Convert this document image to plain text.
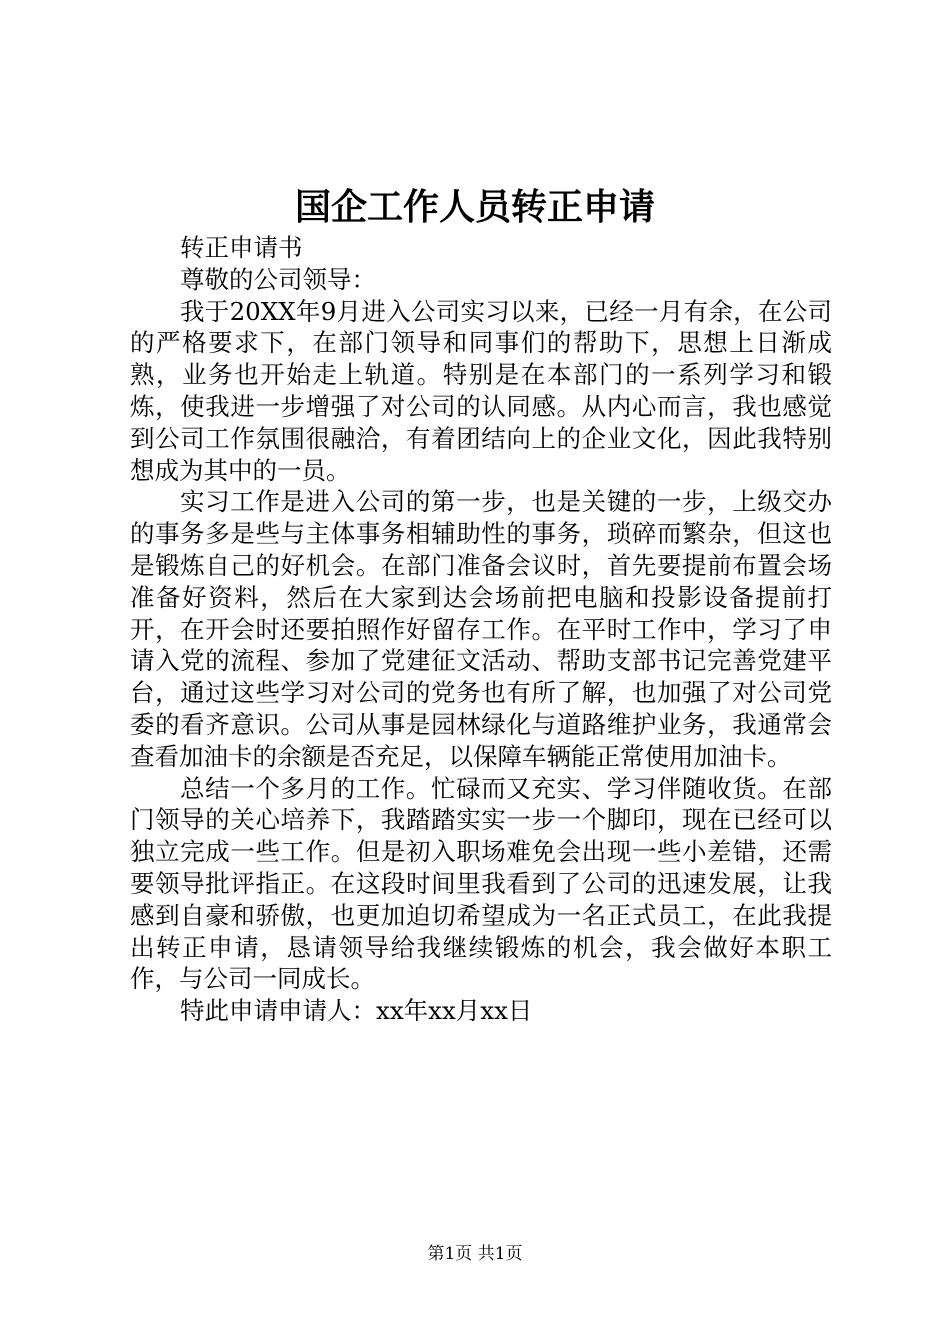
国企工作人员转正申请

转正申请书

尊敬的公司领导：

我于20XX年9月进入公司实习以来，已经一月有余，在公司的严格要求下，在部门领导和同事们的帮助下，思想上日渐成熟，业务也开始走上轨道。特别是在本部门的一系列学习和锻炼，使我进一步增强了对公司的认同感。从内心而言，我也感觉到公司工作氛围很融洽，有着团结向上的企业文化，因此我特别想成为其中的一员。

实习工作是进入公司的第一步，也是关键的一步，上级交办的事务多是些与主体事务相辅助性的事务，琐碎而繁杂，但这也是锻炼自己的好机会。在部门准备会议时，首先要提前布置会场准备好资料，然后在大家到达会场前把电脑和投影设备提前打开，在开会时还要拍照作好留存工作。在平时工作中，学习了申请入党的流程、参加了党建征文活动、帮助支部书记完善党建平台，通过这些学习对公司的党务也有所了解，也加强了对公司党委的看齐意识。公司从事是园林绿化与道路维护业务，我通常会查看加油卡的余额是否充足，以保障车辆能正常使用加油卡。

总结一个多月的工作。忙碌而又充实、学习伴随收货。在部门领导的关心培养下，我踏踏实实一步一个脚印，现在已经可以独立完成一些工作。但是初入职场难免会出现一些小差错，还需要领导批评指正。在这段时间里我看到了公司的迅速发展，让我感到自豪和骄傲，也更加迫切希望成为一名正式员工，在此我提出转正申请，恳请领导给我继续锻炼的机会，我会做好本职工作，与公司一同成长。

特此申请申请人：xx年xx月xx日

第1页 共1页
